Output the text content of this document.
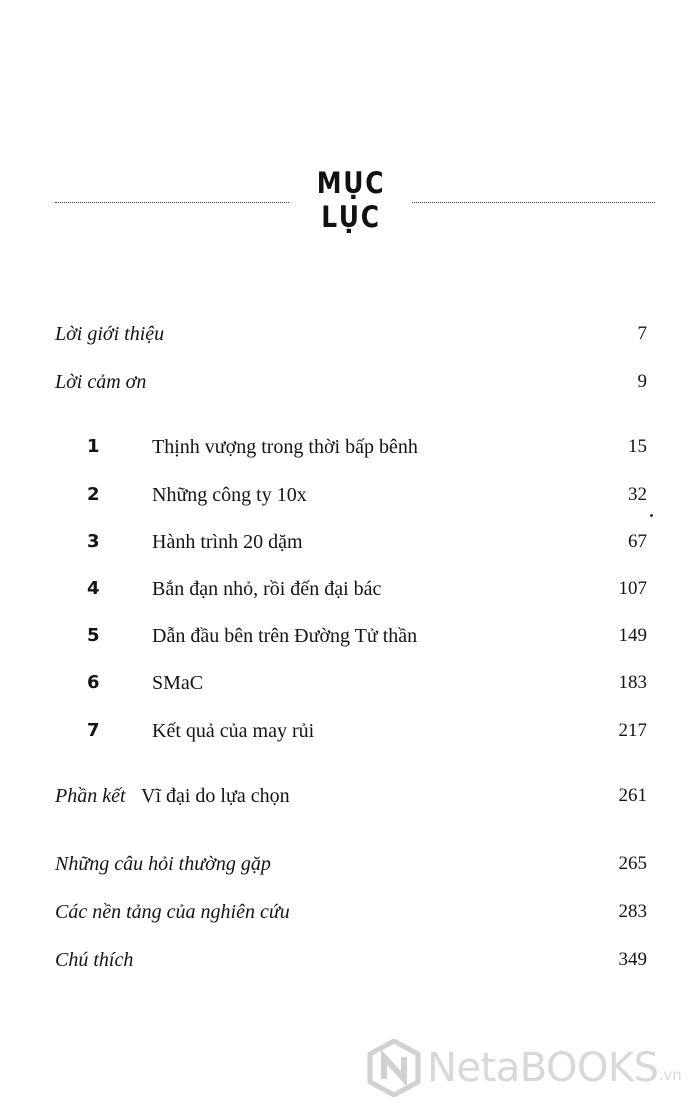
MỤC LỤC
Lời giới thiệu	7
Lời cảm ơn	9
1	Thịnh vượng trong thời bấp bênh	15
2	Những công ty 10x	32
3	Hành trình 20 dặm	67
4	Bắn đạn nhỏ, rồi đến đại bác	107
5	Dẫn đầu bên trên Đường Tử thần	149
6	SMaC	183
7	Kết quả của may rủi	217
Phần kết Vĩ đại do lựa chọn	261
Những câu hỏi thường gặp	265
Các nền tảng của nghiên cứu	283
Chú thích	349
NetaBOOKS .vn
